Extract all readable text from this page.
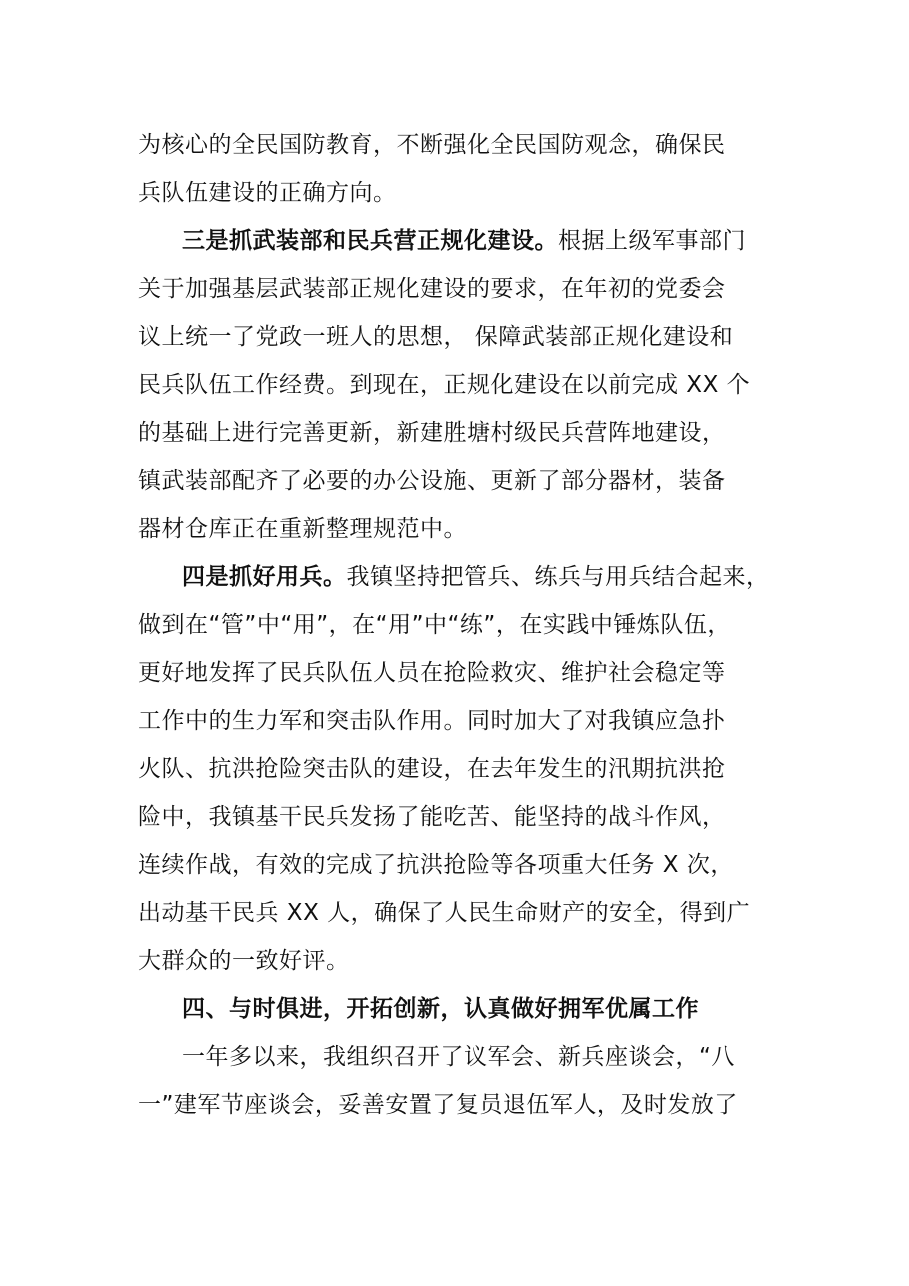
为核心的全民国防教育，不断强化全民国防观念，确保民
兵队伍建设的正确方向。
三是抓武装部和民兵营正规化建设。根据上级军事部门
关于加强基层武装部正规化建设的要求，在年初的党委会
议上统一了党政一班人的思想， 保障武装部正规化建设和
民兵队伍工作经费。到现在，正规化建设在以前完成 XX 个
的基础上进行完善更新，新建胜塘村级民兵营阵地建设，
镇武装部配齐了必要的办公设施、更新了部分器材，装备
器材仓库正在重新整理规范中。
四是抓好用兵。我镇坚持把管兵、练兵与用兵结合起来，
做到在“管”中“用”，在“用”中“练”，在实践中锤炼队伍，
更好地发挥了民兵队伍人员在抢险救灾、维护社会稳定等
工作中的生力军和突击队作用。同时加大了对我镇应急扑
火队、抗洪抢险突击队的建设，在去年发生的汛期抗洪抢
险中，我镇基干民兵发扬了能吃苦、能坚持的战斗作风，
连续作战，有效的完成了抗洪抢险等各项重大任务 X 次，
出动基干民兵 XX 人，确保了人民生命财产的安全，得到广
大群众的一致好评。
四、与时俱进，开拓创新，认真做好拥军优属工作
一年多以来，我组织召开了议军会、新兵座谈会，“八
一”建军节座谈会，妥善安置了复员退伍军人，及时发放了
